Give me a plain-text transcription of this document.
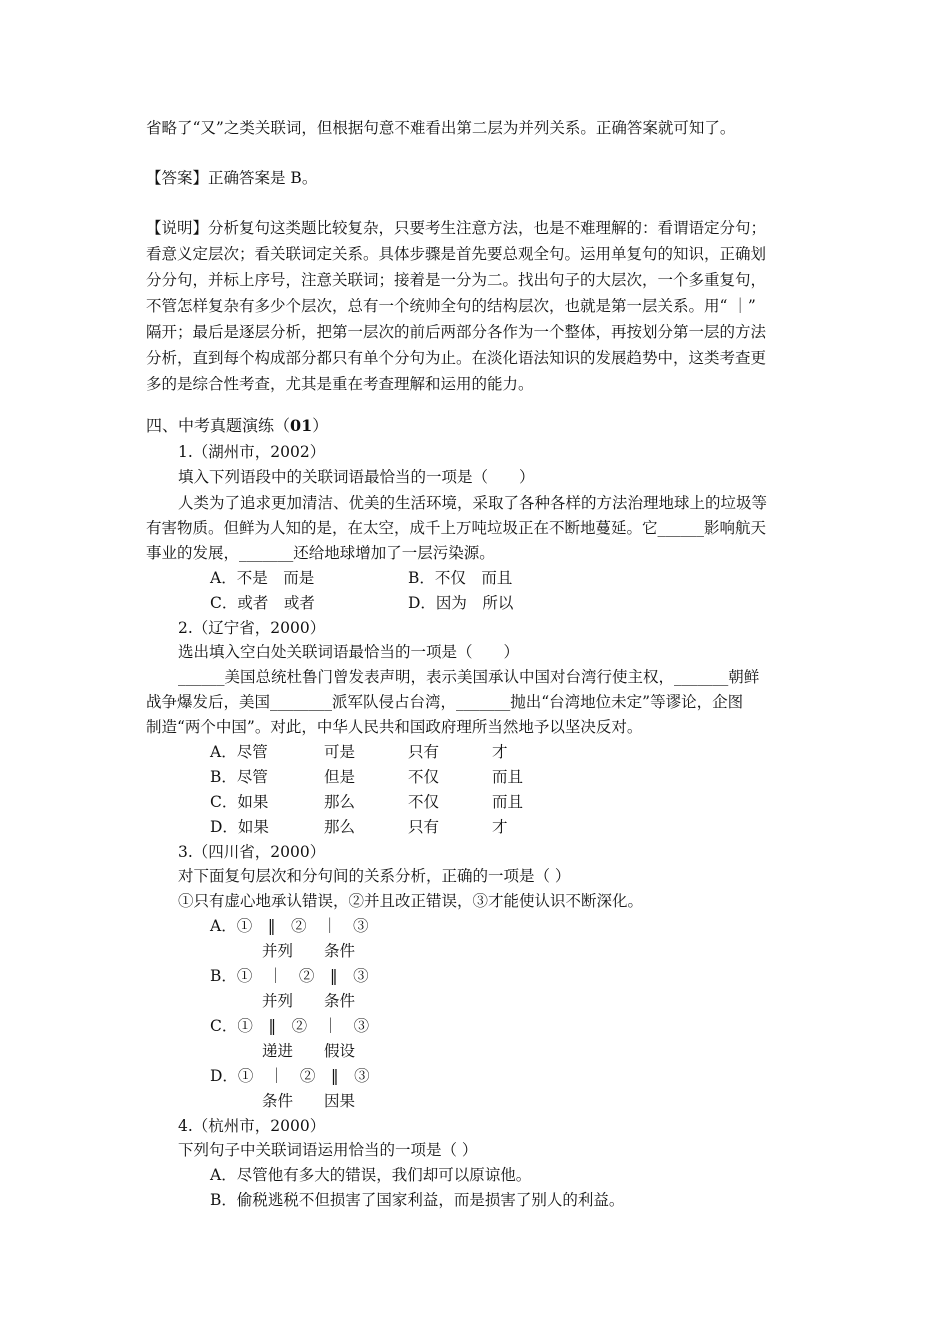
省略了“又”之类关联词，但根据句意不难看出第二层为并列关系。正确答案就可知了。
【答案】正确答案是 B。
【说明】分析复句这类题比较复杂，只要考生注意方法，也是不难理解的：看谓语定分句；
看意义定层次；看关联词定关系。具体步骤是首先要总观全句。运用单复句的知识，正确划
分分句，并标上序号，注意关联词；接着是一分为二。找出句子的大层次，一个多重复句，
不管怎样复杂有多少个层次，总有一个统帅全句的结构层次，也就是第一层关系。用“ ｜”
隔开；最后是逐层分析，把第一层次的前后两部分各作为一个整体，再按划分第一层的方法
分析，直到每个构成部分都只有单个分句为止。在淡化语法知识的发展趋势中，这类考查更
多的是综合性考查，尤其是重在考查理解和运用的能力。
四、中考真题演练（01）
1.（湖州市，2002）
填入下列语段中的关联词语最恰当的一项是（　　）
人类为了追求更加清洁、优美的生活环境，采取了各种各样的方法治理地球上的垃圾等
有害物质。但鲜为人知的是，在太空，成千上万吨垃圾正在不断地蔓延。它______影响航天
事业的发展，_______还给地球增加了一层污染源。
A．不是　而是	B．不仅　而且
C．或者　或者	D．因为　所以
2.（辽宁省，2000）
选出填入空白处关联词语最恰当的一项是（　　）
______美国总统杜鲁门曾发表声明，表示美国承认中国对台湾行使主权，_______朝鲜
战争爆发后，美国________派军队侵占台湾，_______抛出“台湾地位未定”等谬论，企图
制造“两个中国”。对此，中华人民共和国政府理所当然地予以坚决反对。
A．尽管	可是	只有	才
B．尽管	但是	不仅	而且
C．如果	那么	不仅	而且
D．如果	那么	只有	才
3.（四川省，2000）
对下面复句层次和分句间的关系分析，正确的一项是（ ）
①只有虚心地承认错误，②并且改正错误，③才能使认识不断深化。
A．①　‖　②　｜　③
并列　　条件
B．①　｜　②　‖　③
并列　　条件
C．①　‖　②　｜　③
递进　　假设
D．①　｜　②　‖　③
条件　　因果
4.（杭州市，2000）
下列句子中关联词语运用恰当的一项是（ ）
A．尽管他有多大的错误，我们却可以原谅他。
B．偷税逃税不但损害了国家利益，而是损害了别人的利益。
